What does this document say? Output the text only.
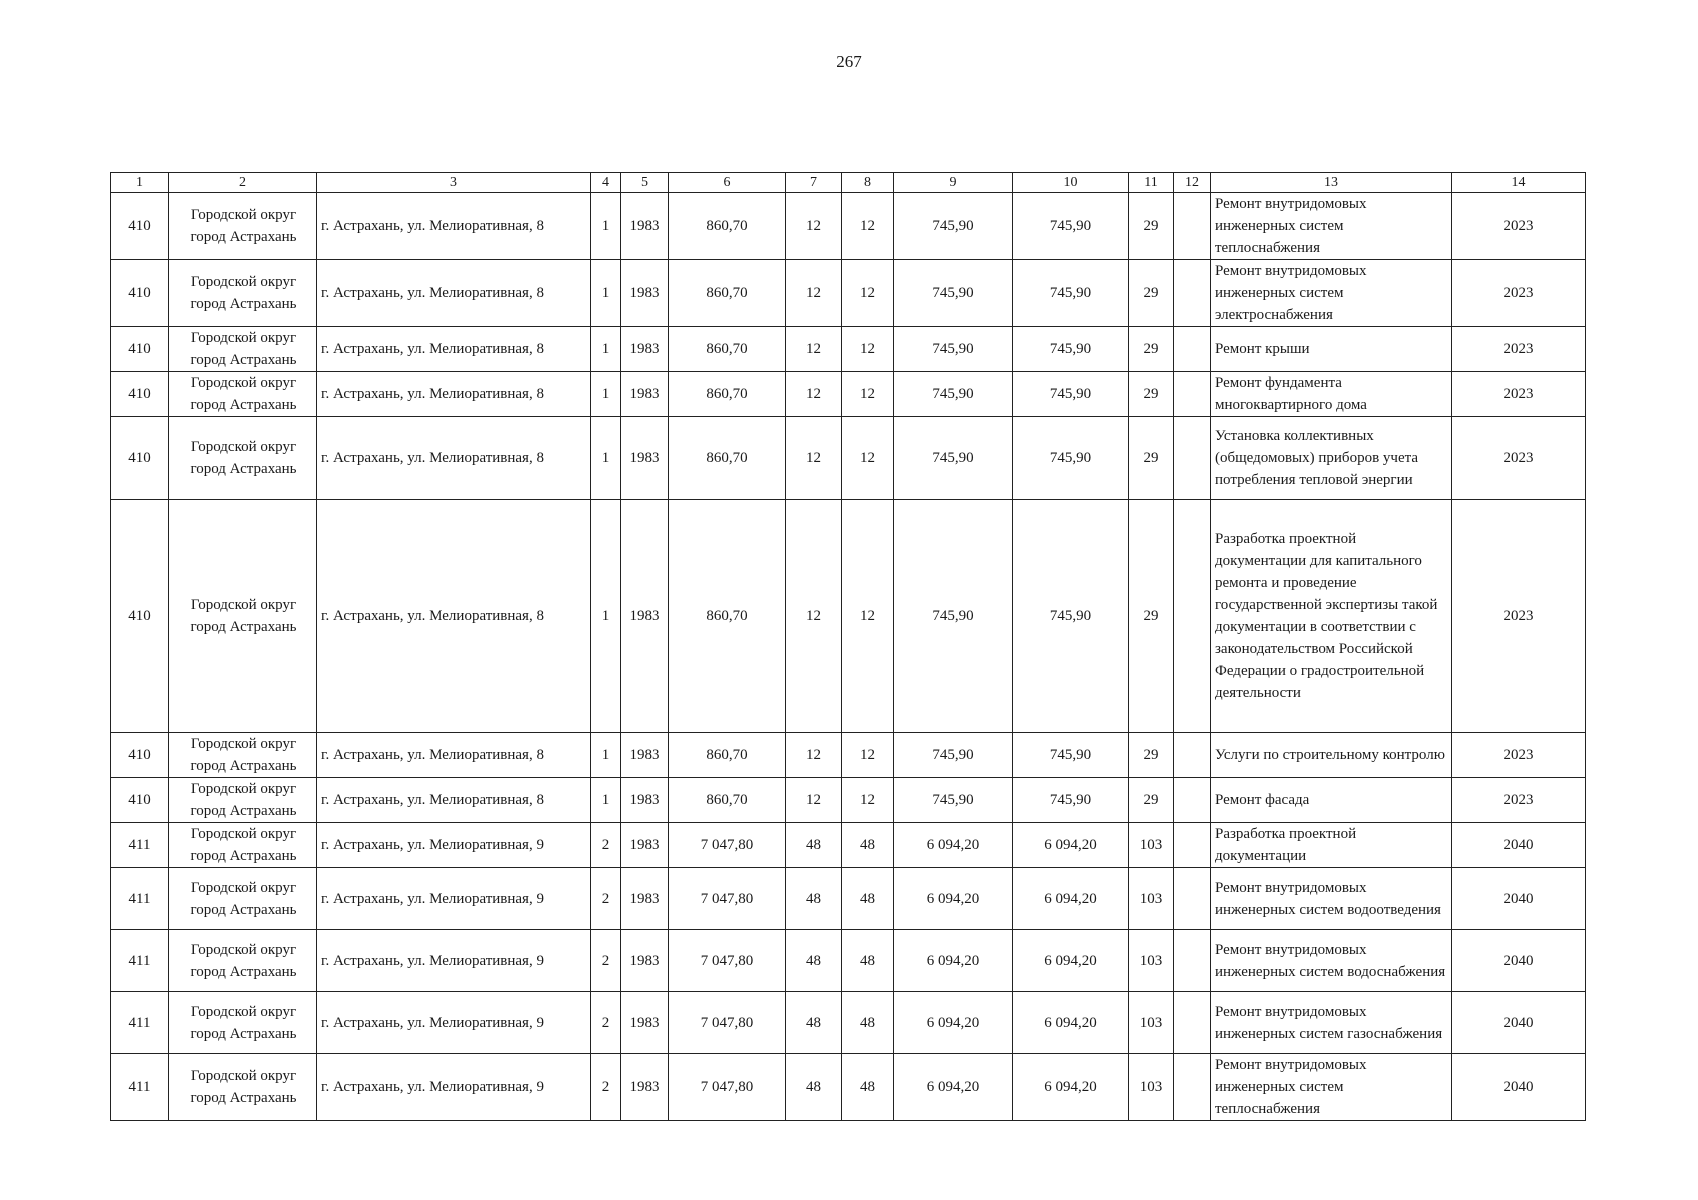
267
1	2	3	4	5	6	7	8	9	10	11	12	13	14
410	Городской округ город Астрахань	г. Астрахань, ул. Мелиоративная, 8	1	1983	860,70	12	12	745,90	745,90	29		Ремонт внутридомовых инженерных систем теплоснабжения	2023
410	Городской округ город Астрахань	г. Астрахань, ул. Мелиоративная, 8	1	1983	860,70	12	12	745,90	745,90	29		Ремонт внутридомовых инженерных систем электроснабжения	2023
410	Городской округ город Астрахань	г. Астрахань, ул. Мелиоративная, 8	1	1983	860,70	12	12	745,90	745,90	29		Ремонт крыши	2023
410	Городской округ город Астрахань	г. Астрахань, ул. Мелиоративная, 8	1	1983	860,70	12	12	745,90	745,90	29		Ремонт фундамента многоквартирного дома	2023
410	Городской округ город Астрахань	г. Астрахань, ул. Мелиоративная, 8	1	1983	860,70	12	12	745,90	745,90	29		Установка коллективных (общедомовых) приборов учета потребления тепловой энергии	2023
410	Городской округ город Астрахань	г. Астрахань, ул. Мелиоративная, 8	1	1983	860,70	12	12	745,90	745,90	29		Разработка проектной документации для капитального ремонта и проведение государственной экспертизы такой документации в соответствии с законодательством Российской Федерации о градостроительной деятельности	2023
410	Городской округ город Астрахань	г. Астрахань, ул. Мелиоративная, 8	1	1983	860,70	12	12	745,90	745,90	29		Услуги по строительному контролю	2023
410	Городской округ город Астрахань	г. Астрахань, ул. Мелиоративная, 8	1	1983	860,70	12	12	745,90	745,90	29		Ремонт фасада	2023
411	Городской округ город Астрахань	г. Астрахань, ул. Мелиоративная, 9	2	1983	7 047,80	48	48	6 094,20	6 094,20	103		Разработка проектной документации	2040
411	Городской округ город Астрахань	г. Астрахань, ул. Мелиоративная, 9	2	1983	7 047,80	48	48	6 094,20	6 094,20	103		Ремонт внутридомовых инженерных систем водоотведения	2040
411	Городской округ город Астрахань	г. Астрахань, ул. Мелиоративная, 9	2	1983	7 047,80	48	48	6 094,20	6 094,20	103		Ремонт внутридомовых инженерных систем водоснабжения	2040
411	Городской округ город Астрахань	г. Астрахань, ул. Мелиоративная, 9	2	1983	7 047,80	48	48	6 094,20	6 094,20	103		Ремонт внутридомовых инженерных систем газоснабжения	2040
411	Городской округ город Астрахань	г. Астрахань, ул. Мелиоративная, 9	2	1983	7 047,80	48	48	6 094,20	6 094,20	103		Ремонт внутридомовых инженерных систем теплоснабжения	2040
